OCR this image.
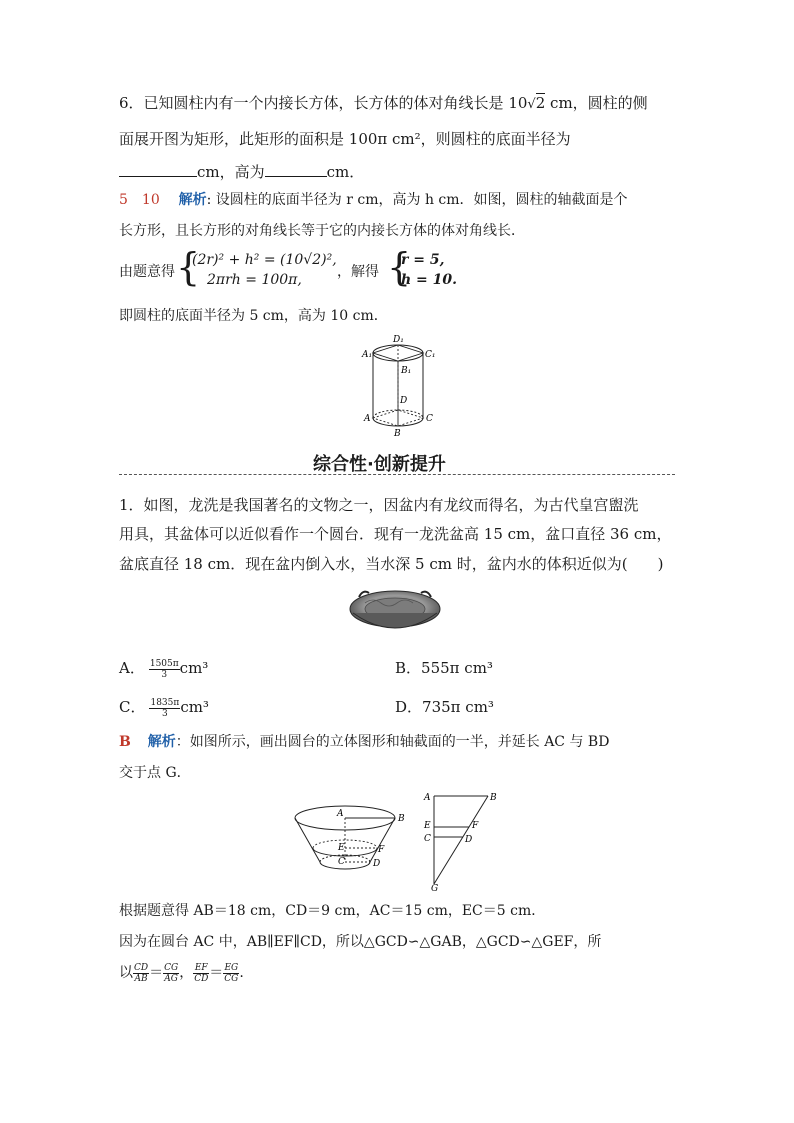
6．已知圆柱内有一个内接长方体，长方体的体对角线长是 10√2 cm，圆柱的侧
面展开图为矩形，此矩形的面积是 100π cm²，则圆柱的底面半径为
cm，高为	cm．
5　10 解析: 设圆柱的底面半径为 r cm，高为 h cm．如图，圆柱的轴截面是个
长方形，且长方形的对角线长等于它的内接长方体的体对角线长．
由题意得 {
(2r)² + h² = (10√2)²,
2πrh = 100π,	，解得 {
r = 5,
h = 10.
即圆柱的底面半径为 5 cm，高为 10 cm．
A₁
D₁
C₁
B₁
D
A	C
B
综合性·创新提升
1．如图，龙洗是我国著名的文物之一，因盆内有龙纹而得名，为古代皇宫盥洗
用具，其盆体可以近似看作一个圆台．现有一龙洗盆高 15 cm，盆口直径 36 cm，
盆底直径 18 cm．现在盆内倒入水，当水深 5 cm 时，盆内水的体积近似为(　　)
A． $\frac{1505\pi}{3} cm^3$	B．555π cm³
C． $\frac{1835\pi}{3} cm^3$	D．735π cm³
B 解析：如图所示，画出圆台的立体图形和轴截面的一半，并延长 AC 与 BD
交于点 G．
A	B
E	F
C	D
A	B
E	F
C	D
G
根据题意得 AB＝18 cm，CD＝9 cm，AC＝15 cm，EC＝5 cm．
因为在圆台 AC 中，AB∥EF∥CD，所以△GCD∽△GAB，△GCD∽△GEF，所
以 $\frac{CD}{AB} = \frac{CG}{AG}$ ， $\frac{EF}{CD} = \frac{EG}{CG}$ .
